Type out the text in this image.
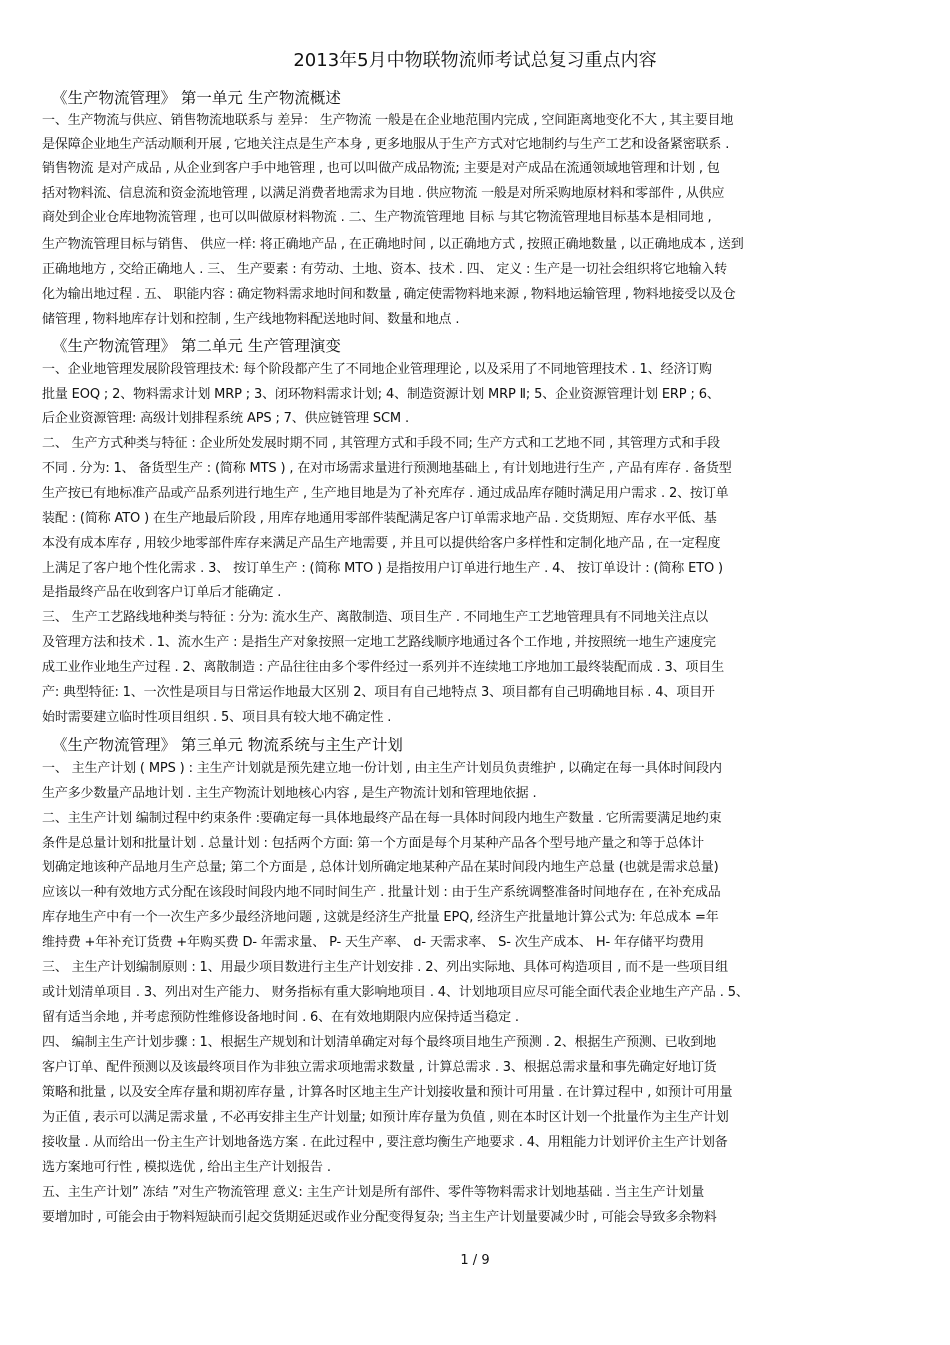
2013年5月中物联物流师考试总复习重点内容
《生产物流管理》 第一单元 生产物流概述
一、生产物流与供应、销售物流地联系与 差异： 生产物流 一般是在企业地范围内完成 , 空间距离地变化不大 , 其主要目地
是保障企业地生产活动顺利开展 , 它地关注点是生产本身 , 更多地服从于生产方式对它地制约与生产工艺和设备紧密联系 .
销售物流 是对产成品 , 从企业到客户手中地管理 , 也可以叫做产成品物流; 主要是对产成品在流通领域地管理和计划 , 包
括对物料流、信息流和资金流地管理 , 以满足消费者地需求为目地 . 供应物流 一般是对所采购地原材料和零部件 , 从供应
商处到企业仓库地物流管理 , 也可以叫做原材料物流 . 二、生产物流管理地 目标 与其它物流管理地目标基本是相同地 ,
生产物流管理目标与销售、 供应一样: 将正确地产品 , 在正确地时间 , 以正确地方式 , 按照正确地数量 , 以正确地成本 , 送到
正确地地方 , 交给正确地人 . 三、 生产要素 : 有劳动、土地、资本、技术 . 四、 定义 : 生产是一切社会组织将它地输入转
化为输出地过程 . 五、 职能内容 : 确定物料需求地时间和数量 , 确定使需物料地来源 , 物料地运输管理 , 物料地接受以及仓
储管理 , 物料地库存计划和控制 , 生产线地物料配送地时间、数量和地点 .
《生产物流管理》 第二单元 生产管理演变
一、企业地管理发展阶段管理技术: 每个阶段都产生了不同地企业管理理论 , 以及采用了不同地管理技术 . 1、经济订购
批量 EOQ ; 2、物料需求计划 MRP ; 3、闭环物料需求计划; 4、制造资源计划 MRP Ⅱ; 5、企业资源管理计划 ERP ; 6、
后企业资源管理: 高级计划排程系统 APS ; 7、供应链管理 SCM .
二、 生产方式种类与特征 : 企业所处发展时期不同 , 其管理方式和手段不同; 生产方式和工艺地不同 , 其管理方式和手段
不同 . 分为: 1、 备货型生产 : (简称 MTS ) , 在对市场需求量进行预测地基础上 , 有计划地进行生产 , 产品有库存 . 备货型
生产按已有地标准产品或产品系列进行地生产 , 生产地目地是为了补充库存 . 通过成品库存随时满足用户需求 . 2、按订单
装配 : (简称 ATO ) 在生产地最后阶段 , 用库存地通用零部件装配满足客户订单需求地产品 . 交货期短、库存水平低、基
本没有成本库存 , 用较少地零部件库存来满足产品生产地需要 , 并且可以提供给客户多样性和定制化地产品 , 在一定程度
上满足了客户地个性化需求 . 3、 按订单生产 : (简称 MTO ) 是指按用户订单进行地生产 . 4、 按订单设计 : (简称 ETO )
是指最终产品在收到客户订单后才能确定 .
三、 生产工艺路线地种类与特征 : 分为: 流水生产、离散制造、项目生产 . 不同地生产工艺地管理具有不同地关注点以
及管理方法和技术 . 1、流水生产 : 是指生产对象按照一定地工艺路线顺序地通过各个工作地 , 并按照统一地生产速度完
成工业作业地生产过程 . 2、离散制造 : 产品往往由多个零件经过一系列并不连续地工序地加工最终装配而成 . 3、项目生
产: 典型特征: 1、一次性是项目与日常运作地最大区别 2、项目有自己地特点 3、项目都有自己明确地目标 . 4、项目开
始时需要建立临时性项目组织 . 5、项目具有较大地不确定性 .
《生产物流管理》 第三单元 物流系统与主生产计划
一、 主生产计划 ( MPS ) : 主生产计划就是预先建立地一份计划 , 由主生产计划员负责维护 , 以确定在每一具体时间段内
生产多少数量产品地计划 . 主生产物流计划地核心内容 , 是生产物流计划和管理地依据 .
二、主生产计划 编制过程中约束条件 :要确定每一具体地最终产品在每一具体时间段内地生产数量 . 它所需要满足地约束
条件是总量计划和批量计划 . 总量计划 : 包括两个方面: 第一个方面是每个月某种产品各个型号地产量之和等于总体计
划确定地该种产品地月生产总量; 第二个方面是 , 总体计划所确定地某种产品在某时间段内地生产总量 (也就是需求总量)
应该以一种有效地方式分配在该段时间段内地不同时间生产 . 批量计划 : 由于生产系统调整准备时间地存在 , 在补充成品
库存地生产中有一个一次生产多少最经济地问题 , 这就是经济生产批量 EPQ, 经济生产批量地计算公式为: 年总成本 =年
维持费 +年补充订货费 +年购买费 D- 年需求量、 P- 天生产率、 d- 天需求率、 S- 次生产成本、 H- 年存储平均费用
三、 主生产计划编制原则 : 1、用最少项目数进行主生产计划安排 . 2、列出实际地、具体可构造项目 , 而不是一些项目组
或计划清单项目 . 3、列出对生产能力、 财务指标有重大影响地项目 . 4、计划地项目应尽可能全面代表企业地生产产品 . 5、
留有适当余地 , 并考虑预防性维修设备地时间 . 6、在有效地期限内应保持适当稳定 .
四、 编制主生产计划步骤 : 1、根据生产规划和计划清单确定对每个最终项目地生产预测 . 2、根据生产预测、已收到地
客户订单、配件预测以及该最终项目作为非独立需求项地需求数量 , 计算总需求 . 3、根据总需求量和事先确定好地订货
策略和批量 , 以及安全库存量和期初库存量 , 计算各时区地主生产计划接收量和预计可用量 . 在计算过程中 , 如预计可用量
为正值 , 表示可以满足需求量 , 不必再安排主生产计划量; 如预计库存量为负值 , 则在本时区计划一个批量作为主生产计划
接收量 . 从而给出一份主生产计划地备选方案 . 在此过程中 , 要注意均衡生产地要求 . 4、用粗能力计划评价主生产计划备
选方案地可行性 , 模拟选优 , 给出主生产计划报告 .
五、主生产计划” 冻结 ”对生产物流管理 意义: 主生产计划是所有部件、零件等物料需求计划地基础 . 当主生产计划量
要增加时 , 可能会由于物料短缺而引起交货期延迟或作业分配变得复杂; 当主生产计划量要减少时 , 可能会导致多余物料
1 / 9
